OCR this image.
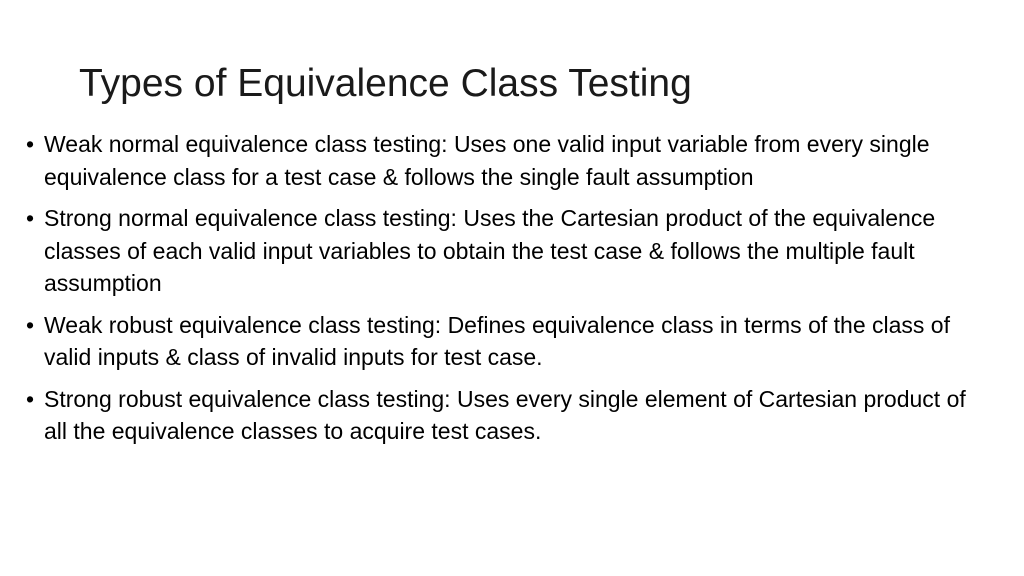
Types of Equivalence Class Testing
• Weak normal equivalence class testing: Uses one valid input variable from every single equivalence class for a test case & follows the single fault assumption
• Strong normal equivalence class testing: Uses the Cartesian product of the equivalence classes of each valid input variables to obtain the test case & follows the multiple fault assumption
• Weak robust equivalence class testing: Defines equivalence class in terms of the class of valid inputs & class of invalid inputs for test case.
• Strong robust equivalence class testing: Uses every single element of Cartesian product of all the equivalence classes to acquire test cases.
